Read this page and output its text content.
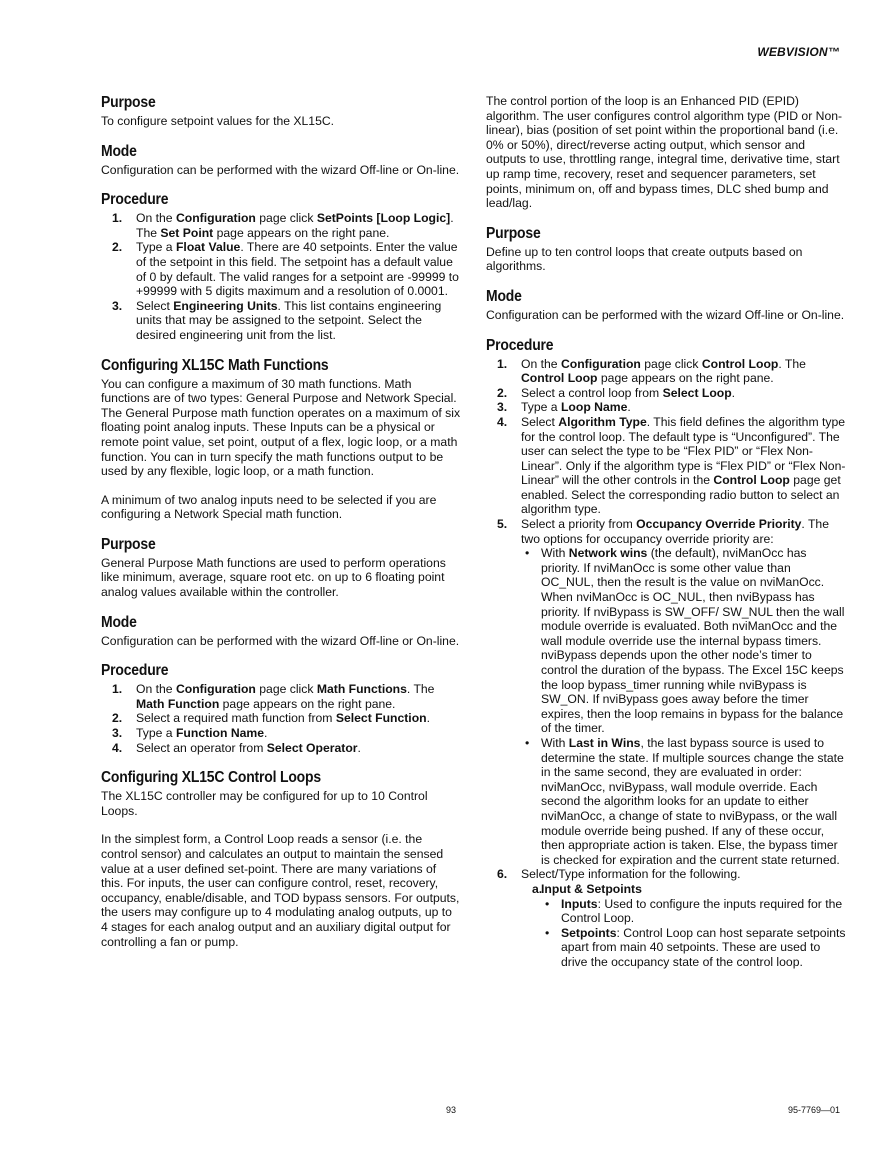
WEBVISION™
Purpose

To configure setpoint values for the XL15C.

Mode

Configuration can be performed with the wizard Off-line or On-line.

Procedure
1. On the Configuration page click SetPoints [Loop Logic]. The Set Point page appears on the right pane.
2. Type a Float Value. There are 40 setpoints. Enter the value of the setpoint in this field. The setpoint has a default value of 0 by default. The valid ranges for a setpoint are -99999 to +99999 with 5 digits maximum and a resolution of 0.0001.
3. Select Engineering Units. This list contains engineering units that may be assigned to the setpoint. Select the desired engineering unit from the list.
Configuring XL15C Math Functions

You can configure a maximum of 30 math functions. Math functions are of two types: General Purpose and Network Special. The General Purpose math function operates on a maximum of six floating point analog inputs. These Inputs can be a physical or remote point value, set point, output of a flex, logic loop, or a math function. You can in turn specify the math functions output to be used by any flexible, logic loop, or a math function.

A minimum of two analog inputs need to be selected if you are configuring a Network Special math function.

Purpose

General Purpose Math functions are used to perform operations like minimum, average, square root etc. on up to 6 floating point analog values available within the controller.

Mode

Configuration can be performed with the wizard Off-line or On-line.

Procedure
1. On the Configuration page click Math Functions. The Math Function page appears on the right pane.
2. Select a required math function from Select Function.
3. Type a Function Name.
4. Select an operator from Select Operator.
Configuring XL15C Control Loops

The XL15C controller may be configured for up to 10 Control Loops.

In the simplest form, a Control Loop reads a sensor (i.e. the control sensor) and calculates an output to maintain the sensed value at a user defined set-point. There are many variations of this. For inputs, the user can configure control, reset, recovery, occupancy, enable/disable, and TOD bypass sensors. For outputs, the users may configure up to 4 modulating analog outputs, up to 4 stages for each analog output and an auxiliary digital output for controlling a fan or pump.

The control portion of the loop is an Enhanced PID (EPID) algorithm. The user configures control algorithm type (PID or Non-linear), bias (position of set point within the proportional band (i.e. 0% or 50%), direct/reverse acting output, which sensor and outputs to use, throttling range, integral time, derivative time, start up ramp time, recovery, reset and sequencer parameters, set points, minimum on, off and bypass times, DLC shed bump and lead/lag.

Purpose

Define up to ten control loops that create outputs based on algorithms.

Mode

Configuration can be performed with the wizard Off-line or On-line.

Procedure
1. On the Configuration page click Control Loop. The Control Loop page appears on the right pane.
2. Select a control loop from Select Loop.
3. Type a Loop Name.
4. Select Algorithm Type. This field defines the algorithm type for the control loop. The default type is “Unconfigured”. The user can select the type to be “Flex PID” or “Flex Non-Linear”. Only if the algorithm type is “Flex PID” or “Flex Non-Linear” will the other controls in the Control Loop page get enabled. Select the corresponding radio button to select an algorithm type.
5. Select a priority from Occupancy Override Priority. The two options for occupancy override priority are:
• With Network wins (the default), nviManOcc has priority. If nviManOcc is some other value than OC_NUL, then the result is the value on nviManOcc. When nviManOcc is OC_NUL, then nviBypass has priority. If nviBypass is SW_OFF/ SW_NUL then the wall module override is evaluated. Both nviManOcc and the wall module override use the internal bypass timers. nviBypass depends upon the other node’s timer to control the duration of the bypass. The Excel 15C keeps the loop bypass_timer running while nviBypass is SW_ON. If nviBypass goes away before the timer expires, then the loop remains in bypass for the balance of the timer.
• With Last in Wins, the last bypass source is used to determine the state. If multiple sources change the state in the same second, they are evaluated in order: nviManOcc, nviBypass, wall module override. Each second the algorithm looks for an update to either nviManOcc, a change of state to nviBypass, or the wall module override being pushed. If any of these occur, then appropriate action is taken. Else, the bypass timer is checked for expiration and the current state returned.
6. Select/Type information for the following.
a.
Input & Setpoints
• Inputs: Used to configure the inputs required for the Control Loop.
• Setpoints: Control Loop can host separate setpoints apart from main 40 setpoints. These are used to drive the occupancy state of the control loop.
93	95-7769—01
